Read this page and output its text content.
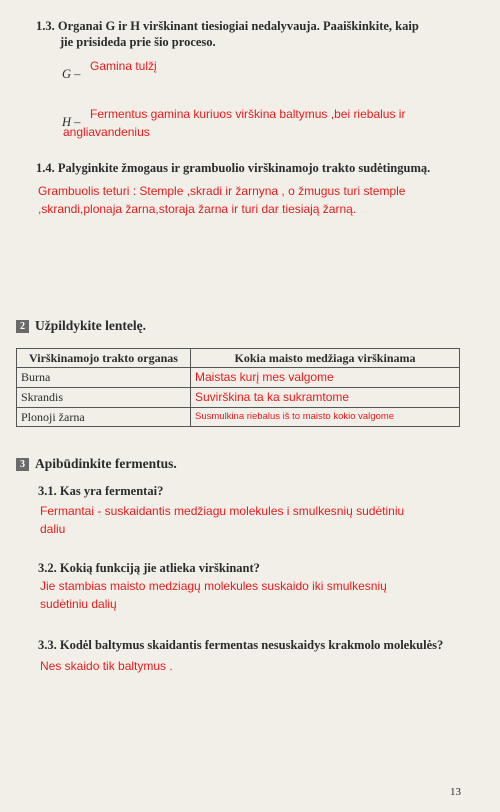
1.3. Organai G ir H virškinant tiesiogiai nedalyvauja. Paaiškinkite, kaip
jie prisideda prie šio proceso.
G –
Gamina tulžį
H –
Fermentus gamina kuriuos virškina baltymus ,bei riebalus ir
angliavandenius
1.4. Palyginkite žmogaus ir grambuolio virškinamojo trakto sudėtingumą.
Grambuolis teturi : Stemple ,skradi ir žarnyna , o žmugus turi stemple
,skrandi,plonaja žarna,storaja žarna ir turi dar tiesiają žarną.
2 Užpildykite lentelę.
Virškinamojo trakto organas	Kokia maisto medžiaga virškinama
Burna	Maistas kurį mes valgome
Skrandis	Suvirškina ta ka sukramtome
Plonoji žarna	Susmulkina riebalus iš to maisto kokio valgome
3 Apibūdinkite fermentus.
3.1. Kas yra fermentai?
Fermantai - suskaidantis medžiagu molekules i smulkesnių sudėtiniu
daliu
3.2. Kokią funkciją jie atlieka virškinant?
Jie stambias maisto medziagų molekules suskaido iki smulkesnių
sudėtiniu dalių
3.3. Kodėl baltymus skaidantis fermentas nesuskaidys krakmolo molekulės?
Nes skaido tik baltymus .
13
